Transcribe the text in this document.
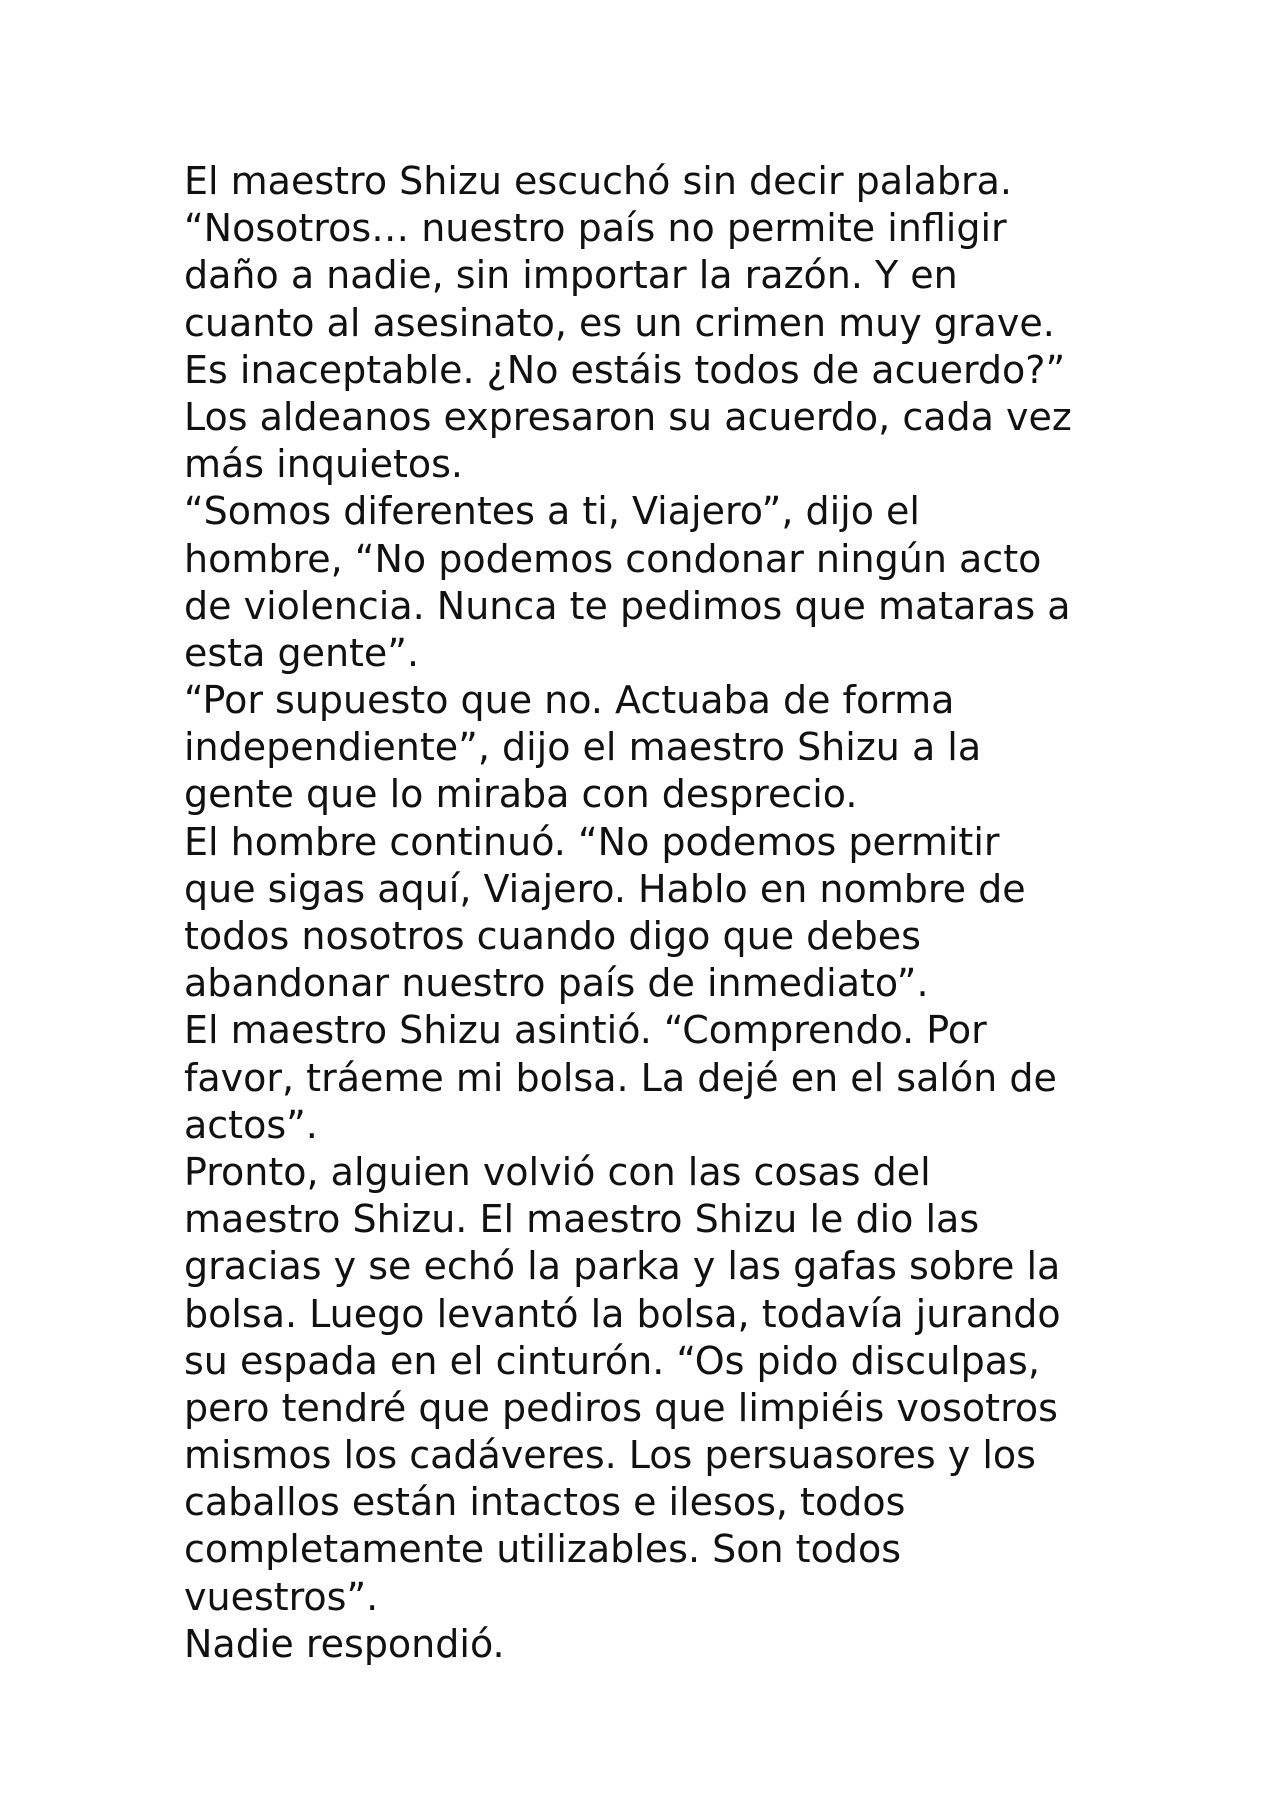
El maestro Shizu escuchó sin decir palabra.
“Nosotros… nuestro país no permite infligir
daño a nadie, sin importar la razón. Y en
cuanto al asesinato, es un crimen muy grave.
Es inaceptable. ¿No estáis todos de acuerdo?”
Los aldeanos expresaron su acuerdo, cada vez
más inquietos.
“Somos diferentes a ti, Viajero”, dijo el
hombre, “No podemos condonar ningún acto
de violencia. Nunca te pedimos que mataras a
esta gente”.
“Por supuesto que no. Actuaba de forma
independiente”, dijo el maestro Shizu a la
gente que lo miraba con desprecio.
El hombre continuó. “No podemos permitir
que sigas aquí, Viajero. Hablo en nombre de
todos nosotros cuando digo que debes
abandonar nuestro país de inmediato”.
El maestro Shizu asintió. “Comprendo. Por
favor, tráeme mi bolsa. La dejé en el salón de
actos”.
Pronto, alguien volvió con las cosas del
maestro Shizu. El maestro Shizu le dio las
gracias y se echó la parka y las gafas sobre la
bolsa. Luego levantó la bolsa, todavía jurando
su espada en el cinturón. “Os pido disculpas,
pero tendré que pediros que limpiéis vosotros
mismos los cadáveres. Los persuasores y los
caballos están intactos e ilesos, todos
completamente utilizables. Son todos
vuestros”.
Nadie respondió.
